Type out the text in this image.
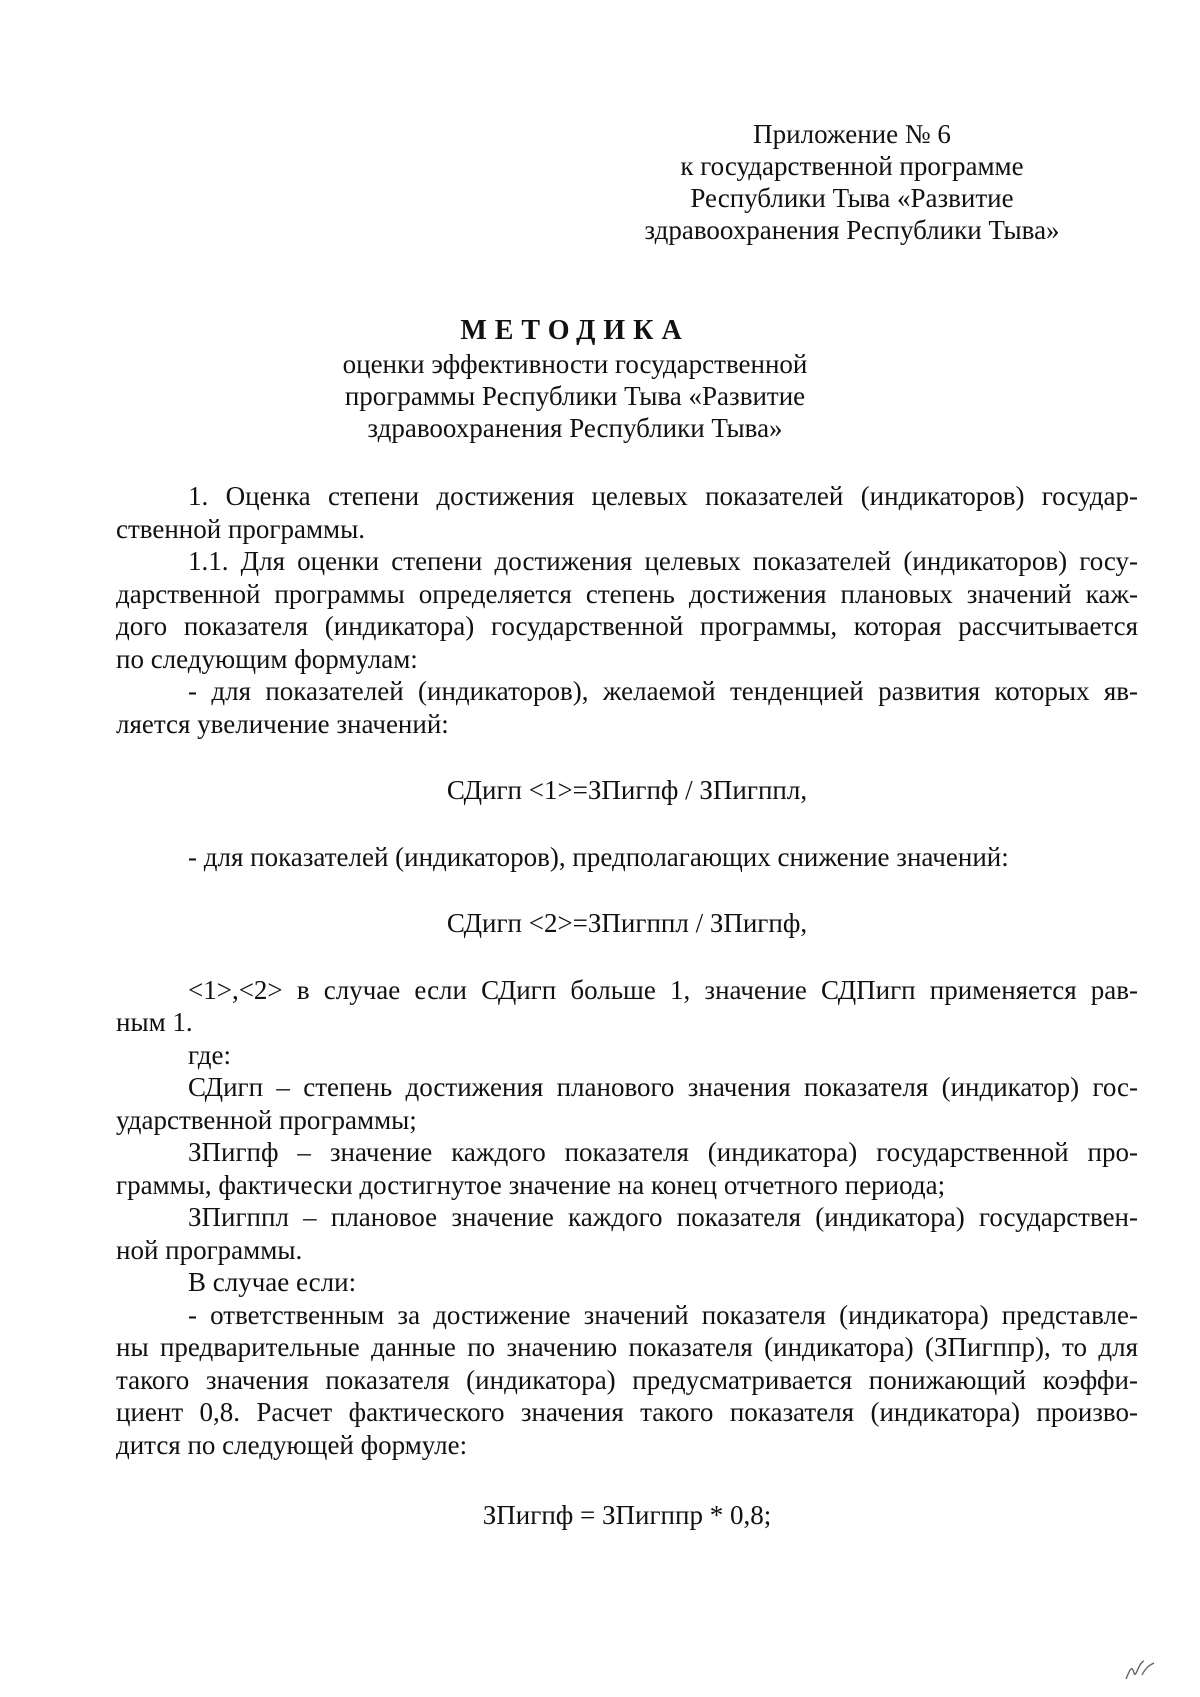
Приложение № 6
к государственной программе
Республики Тыва «Развитие
здравоохранения Республики Тыва»
МЕТОДИКА
оценки эффективности государственной
программы Республики Тыва «Развитие
здравоохранения Республики Тыва»

1. Оценка степени достижения целевых показателей (индикаторов) государ-

ственной программы.

1.1. Для оценки степени достижения целевых показателей (индикаторов) госу-

дарственной программы определяется степень достижения плановых значений каж-

дого показателя (индикатора) государственной программы, которая рассчитывается

по следующим формулам:

- для показателей (индикаторов), желаемой тенденцией развития которых яв-

ляется увеличение значений:

СДигп <1>=ЗПигпф / ЗПигппл,

- для показателей (индикаторов), предполагающих снижение значений:

СДигп <2>=ЗПигппл / ЗПигпф,

<1>,<2> в случае если СДигп больше 1, значение СДПигп применяется рав-

ным 1.

где:

СДигп – степень достижения планового значения показателя (индикатор) гос-

ударственной программы;

ЗПигпф – значение каждого показателя (индикатора) государственной про-

граммы, фактически достигнутое значение на конец отчетного периода;

ЗПигппл – плановое значение каждого показателя (индикатора) государствен-

ной программы.

В случае если:

- ответственным за достижение значений показателя (индикатора) представле-

ны предварительные данные по значению показателя (индикатора) (ЗПигппр), то для

такого значения показателя (индикатора) предусматривается понижающий коэффи-

циент 0,8. Расчет фактического значения такого показателя (индикатора) произво-

дится по следующей формуле:

ЗПигпф = ЗПигппр * 0,8;
